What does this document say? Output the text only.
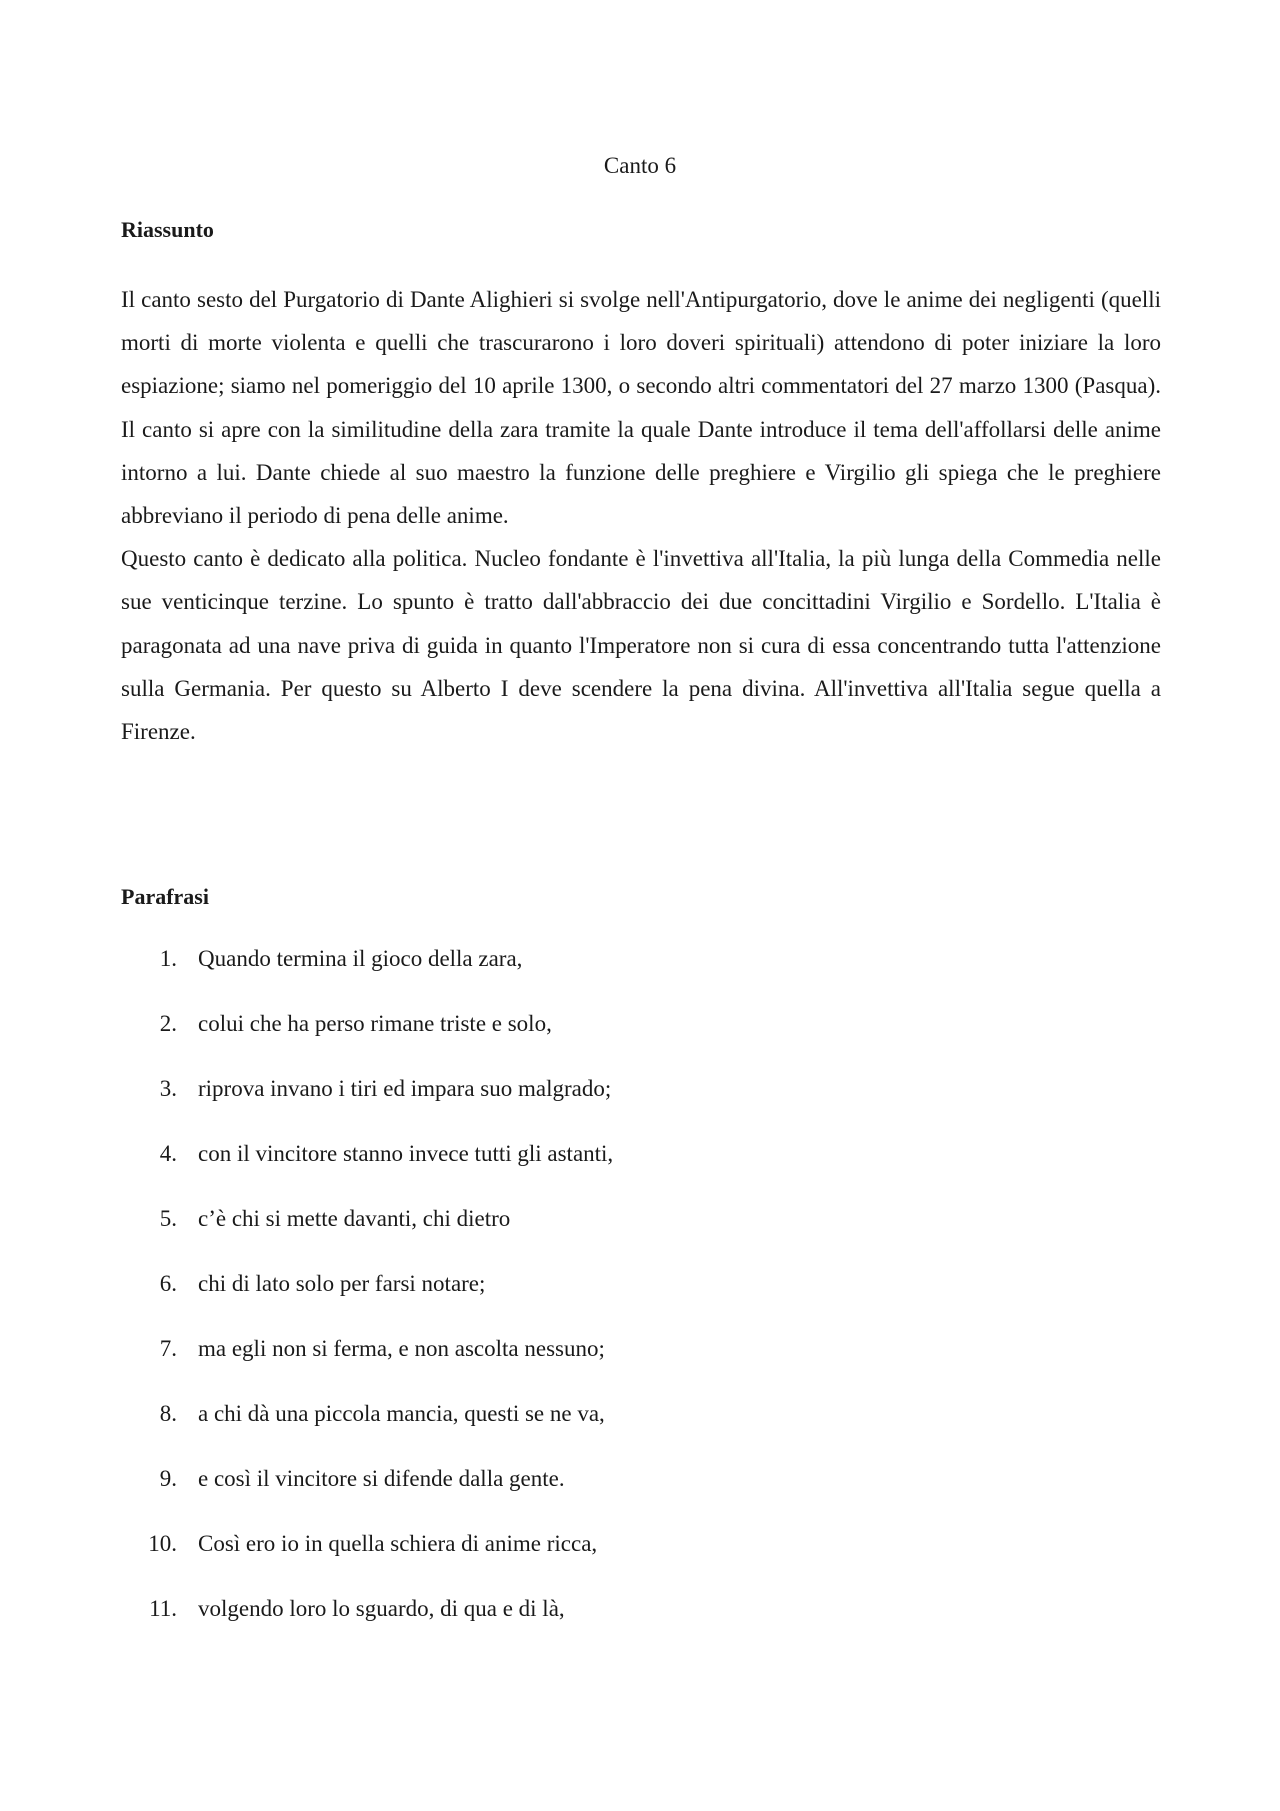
Canto 6
Riassunto

Il canto sesto del Purgatorio di Dante Alighieri si svolge nell'Antipurgatorio, dove le anime dei negligenti (quelli morti di morte violenta e quelli che trascurarono i loro doveri spirituali) attendono di poter iniziare la loro espiazione; siamo nel pomeriggio del 10 aprile 1300, o secondo altri commentatori del 27 marzo 1300 (Pasqua). Il canto si apre con la similitudine della zara tramite la quale Dante introduce il tema dell'affollarsi delle anime intorno a lui. Dante chiede al suo maestro la funzione delle preghiere e Virgilio gli spiega che le preghiere abbreviano il periodo di pena delle anime.

Questo canto è dedicato alla politica. Nucleo fondante è l'invettiva all'Italia, la più lunga della Commedia nelle sue venticinque terzine. Lo spunto è tratto dall'abbraccio dei due concittadini Virgilio e Sordello. L'Italia è paragonata ad una nave priva di guida in quanto l'Imperatore non si cura di essa concentrando tutta l'attenzione sulla Germania. Per questo su Alberto I deve scendere la pena divina. All'invettiva all'Italia segue quella a Firenze.

Parafrasi
1. Quando termina il gioco della zara,
2. colui che ha perso rimane triste e solo,
3. riprova invano i tiri ed impara suo malgrado;
4. con il vincitore stanno invece tutti gli astanti,
5. c’è chi si mette davanti, chi dietro
6. chi di lato solo per farsi notare;
7. ma egli non si ferma, e non ascolta nessuno;
8. a chi dà una piccola mancia, questi se ne va,
9. e così il vincitore si difende dalla gente.
10. Così ero io in quella schiera di anime ricca,
11. volgendo loro lo sguardo, di qua e di là,
